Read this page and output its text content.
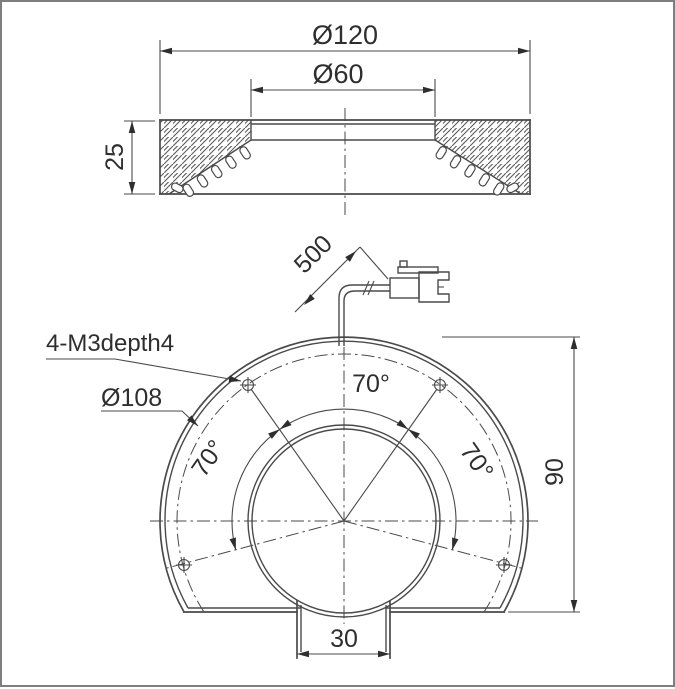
Ø120
Ø60
25
70°
70°	70°
4-M3depth4
Ø108
90
30
500
